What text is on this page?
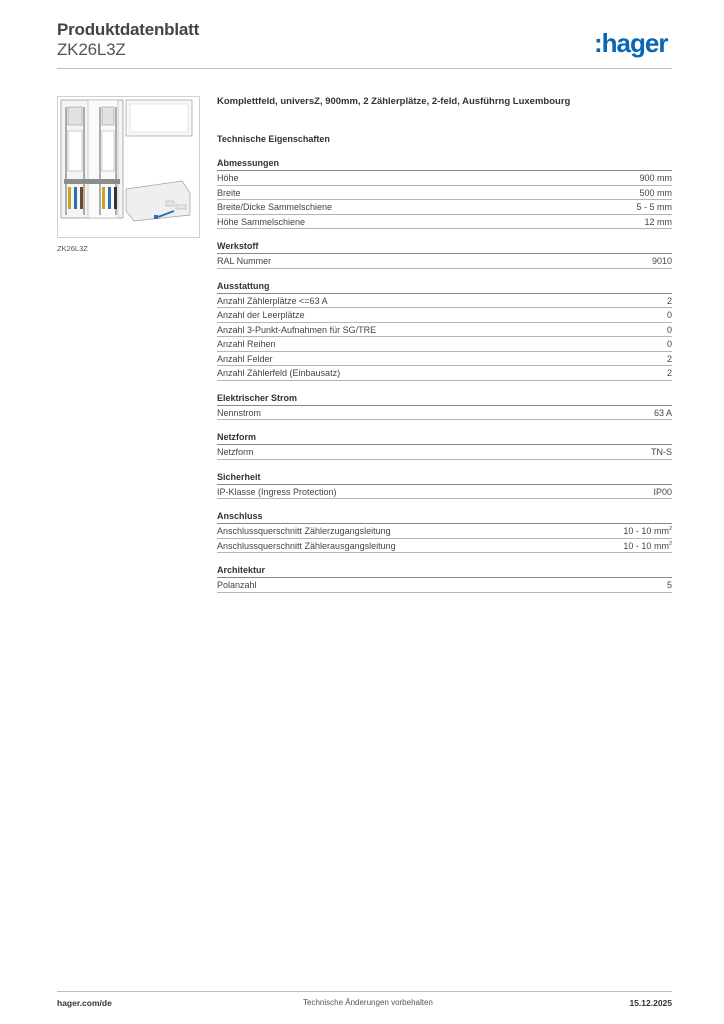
Produktdatenblatt
ZK26L3Z	:hager
ZK26L3Z
Komplettfeld, universZ, 900mm, 2 Zählerplätze, 2-feld, Ausführng Luxembourg
Technische Eigenschaften
Abmessungen
Höhe	900 mm
Breite	500 mm
Breite/Dicke Sammelschiene	5 - 5 mm
Höhe Sammelschiene	12 mm
Werkstoff
RAL Nummer	9010
Ausstattung
Anzahl Zählerplätze <=63 A	2
Anzahl der Leerplätze	0
Anzahl 3-Punkt-Aufnahmen für SG/TRE	0
Anzahl Reihen	0
Anzahl Felder	2
Anzahl Zählerfeld (Einbausatz)	2
Elektrischer Strom
Nennstrom	63 A
Netzform
Netzform	TN-S
Sicherheit
IP-Klasse (Ingress Protection)	IP00
Anschluss
Anschlussquerschnitt Zählerzugangsleitung	10 - 10 $mm^2$
Anschlussquerschnitt Zählerausgangsleitung	10 - 10 $mm^2$
Architektur
Polanzahl	5
hager.com/de	Technische Änderungen vorbehalten	15.12.2025
